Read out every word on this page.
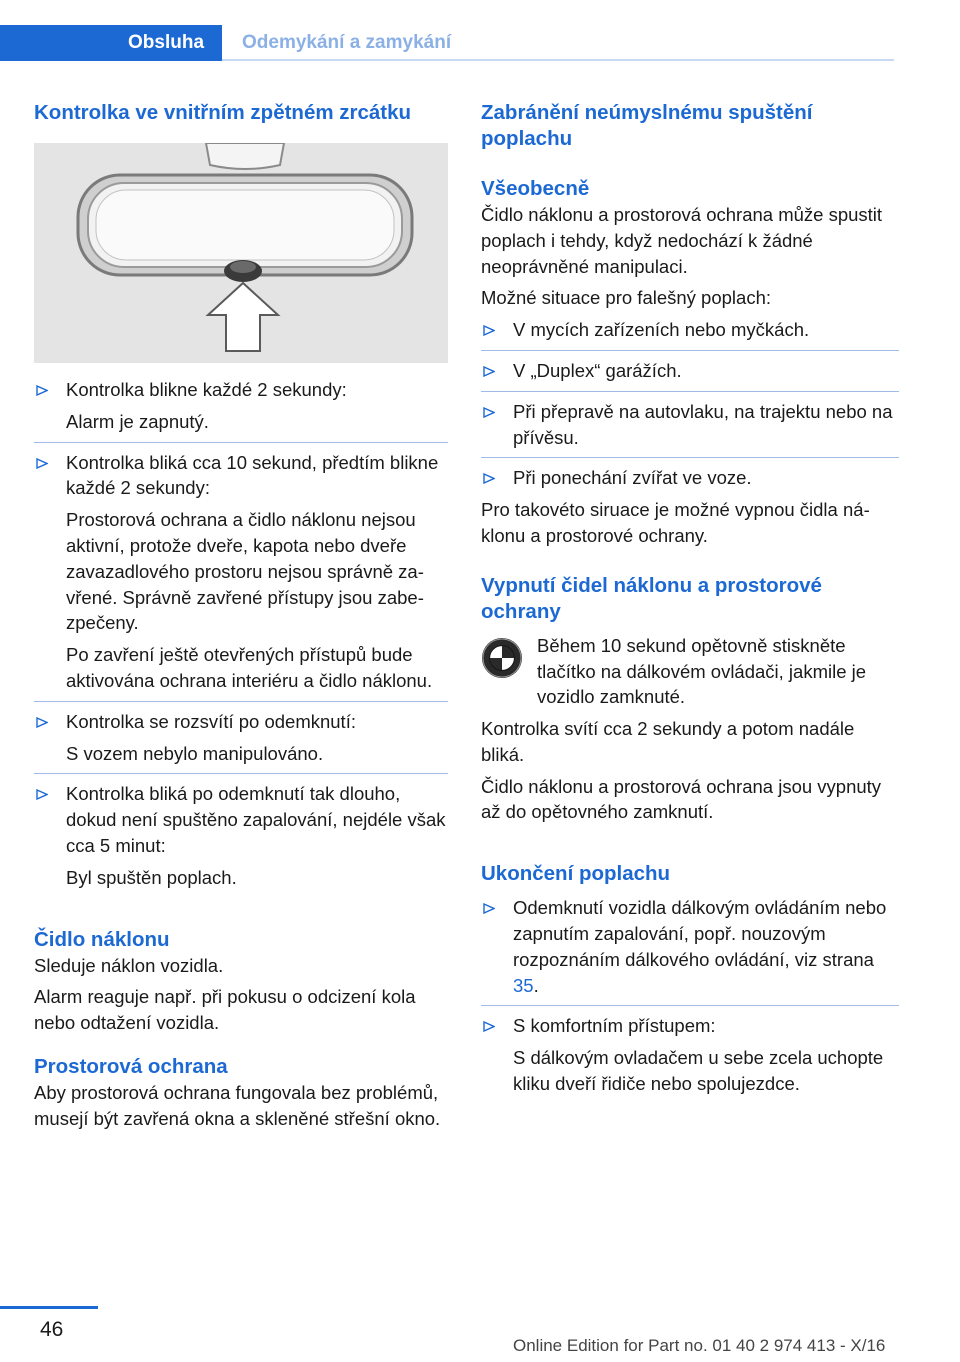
Obsluha Odemykání a zamykání
Kontrolka ve vnitřním zpětném zrcátku
Kontrolka blikne každé 2 sekundy:
Alarm je zapnutý.
Kontrolka bliká cca 10 sekund, předtím blikne každé 2 sekundy:
Prostorová ochrana a čidlo náklonu nejsou aktivní, protože dveře, kapota nebo dveře zavazadlového prostoru nejsou správně zavřené. Správně zavřené přístupy jsou zabezpečeny.
Po zavření ještě otevřených přístupů bude aktivována ochrana interiéru a čidlo náklonu.
Kontrolka se rozsvítí po odemknutí:
S vozem nebylo manipulováno.
Kontrolka bliká po odemknutí tak dlouho, dokud není spuštěno zapalování, nejdéle však cca 5 minut:
Byl spuštěn poplach.
Čidlo náklonu
Sleduje náklon vozidla.
Alarm reaguje např. při pokusu o odcizení kola nebo odtažení vozidla.
Prostorová ochrana
Aby prostorová ochrana fungovala bez problémů, musejí být zavřená okna a skleněné střešní okno.
Zabránění neúmyslnému spuštění poplachu
Všeobecně
Čidlo náklonu a prostorová ochrana může spustit poplach i tehdy, když nedochází k žádné neoprávněné manipulaci.
Možné situace pro falešný poplach:
V mycích zařízeních nebo myčkách.
V „Duplex“ garážích.
Při přepravě na autovlaku, na trajektu nebo na přívěsu.
Při ponechání zvířat ve voze.
Pro takovéto siruace je možné vypnou čidla náklonu a prostorové ochrany.
Vypnutí čidel náklonu a prostorové ochrany
Během 10 sekund opětovně stiskněte tlačítko na dálkovém ovládači, jakmile je vozidlo zamknuté.

Kontrolka svítí cca 2 sekundy a potom nadále bliká.
Čidlo náklonu a prostorová ochrana jsou vypnuty až do opětovného zamknutí.
Ukončení poplachu
Odemknutí vozidla dálkovým ovládáním nebo zapnutím zapalování, popř. nouzovým rozpoznáním dálkového ovládání, viz strana 35.
S komfortním přístupem:
S dálkovým ovladačem u sebe zcela uchopte kliku dveří řidiče nebo spolujezdce.
46
Online Edition for Part no. 01 40 2 974 413 - X/16
